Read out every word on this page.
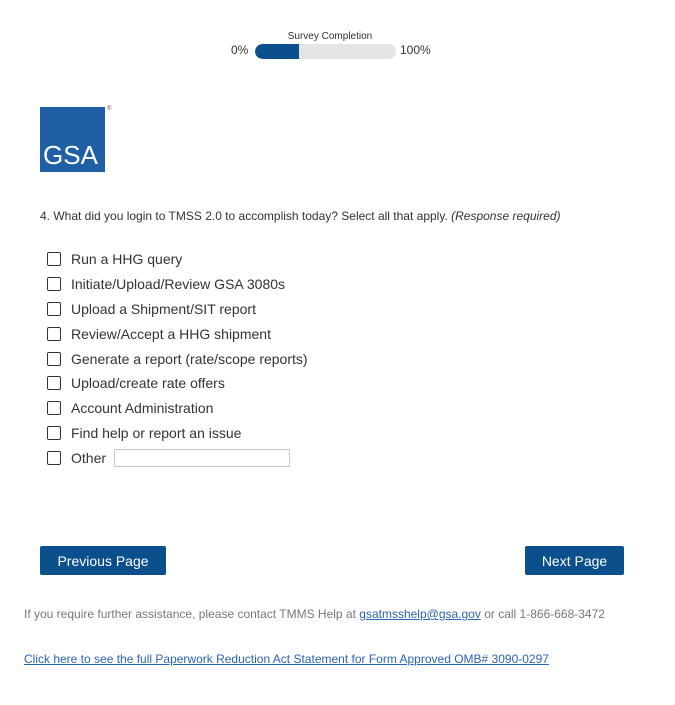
Survey Completion
0%	100%
GSA
®
4. What did you login to TMSS 2.0 to accomplish today? Select all that apply. (Response required)
Run a HHG query
Initiate/Upload/Review GSA 3080s
Upload a Shipment/SIT report
Review/Accept a HHG shipment
Generate a report (rate/scope reports)
Upload/create rate offers
Account Administration
Find help or report an issue
Other
Previous Page	Next Page
If you require further assistance, please contact TMMS Help at gsatmsshelp@gsa.gov or call 1-866-668-3472
Click here to see the full Paperwork Reduction Act Statement for Form Approved OMB# 3090-0297
